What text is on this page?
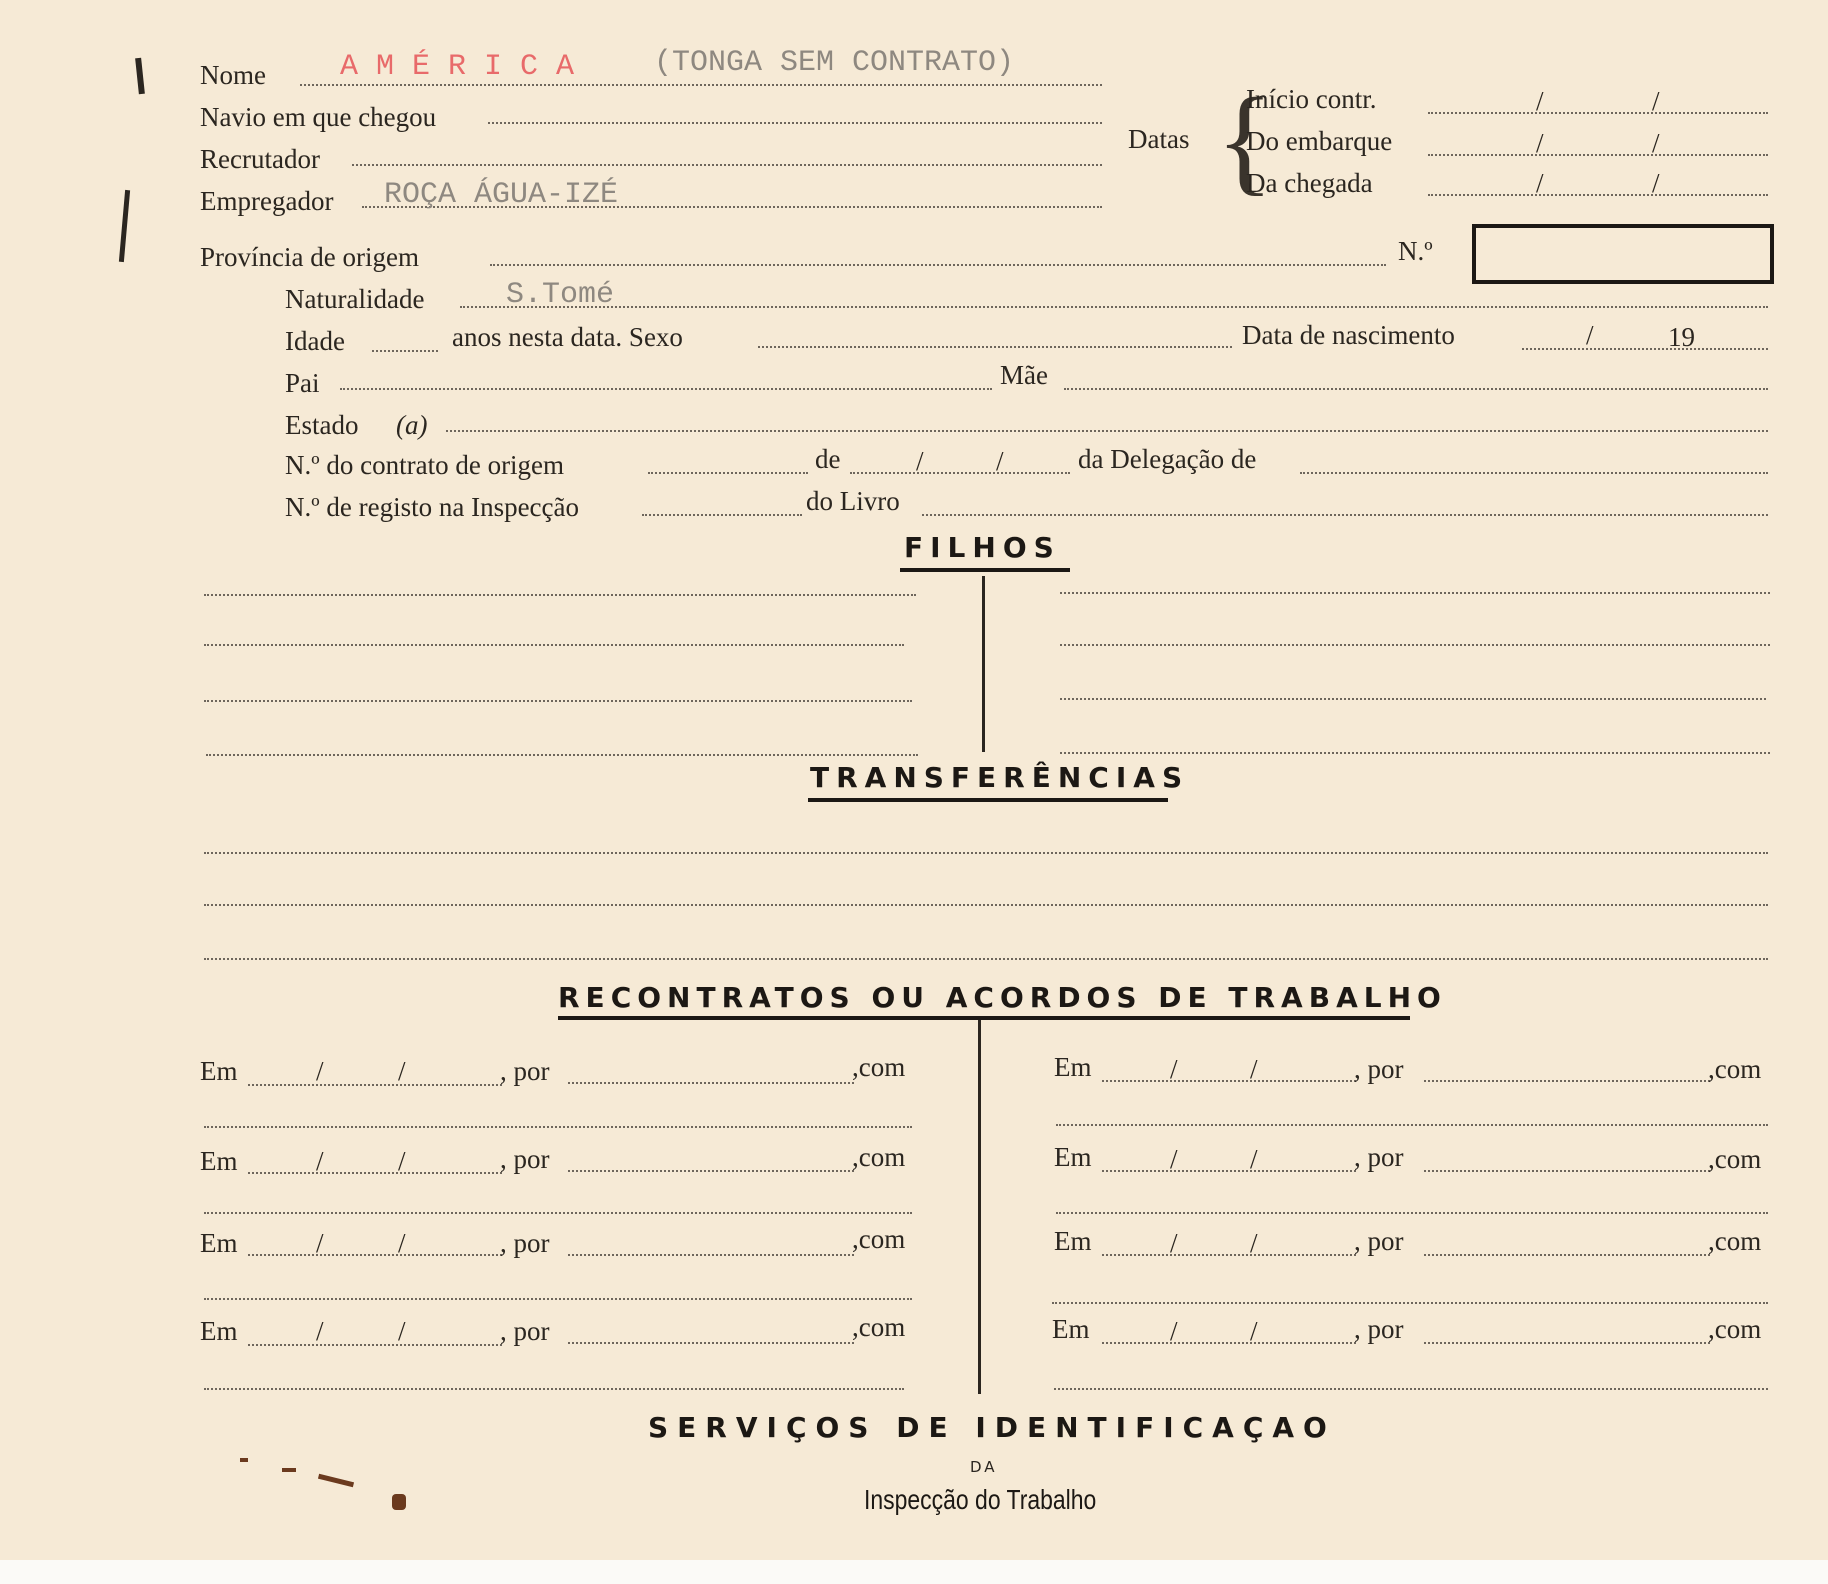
Nome A M É R I C A	(TONGA SEM CONTRATO)
Navio em que chegou
Recrutador
Empregador ROÇA ÁGUA-IZÉ
Datas {
Início contr.	/	/
Do embarque	/	/
Da chegada	/	/
Província de origem	N.º
Naturalidade	S.Tomé
Idade	anos nesta data. Sexo	Data de nascimento	/	19
Pai	Mãe
Estado (a)
N.º do contrato de origem	de	/	/	da Delegação de
N.º de registo na Inspecção	do Livro
FILHOS
TRANSFERÊNCIAS
RECONTRATOS OU ACORDOS DE TRABALHO
Em	/	/	, por	,com
Em	/	/	, por	,com
Em	/	/	, por	,com
Em	/	/	, por	,com
Em	/	/	, por	,com
Em	/	/	, por	,com
Em	/	/	, por	,com
Em	/	/	, por	,com
SERVIÇOS DE IDENTIFICAÇAO
DA
Inspecção do Trabalho
